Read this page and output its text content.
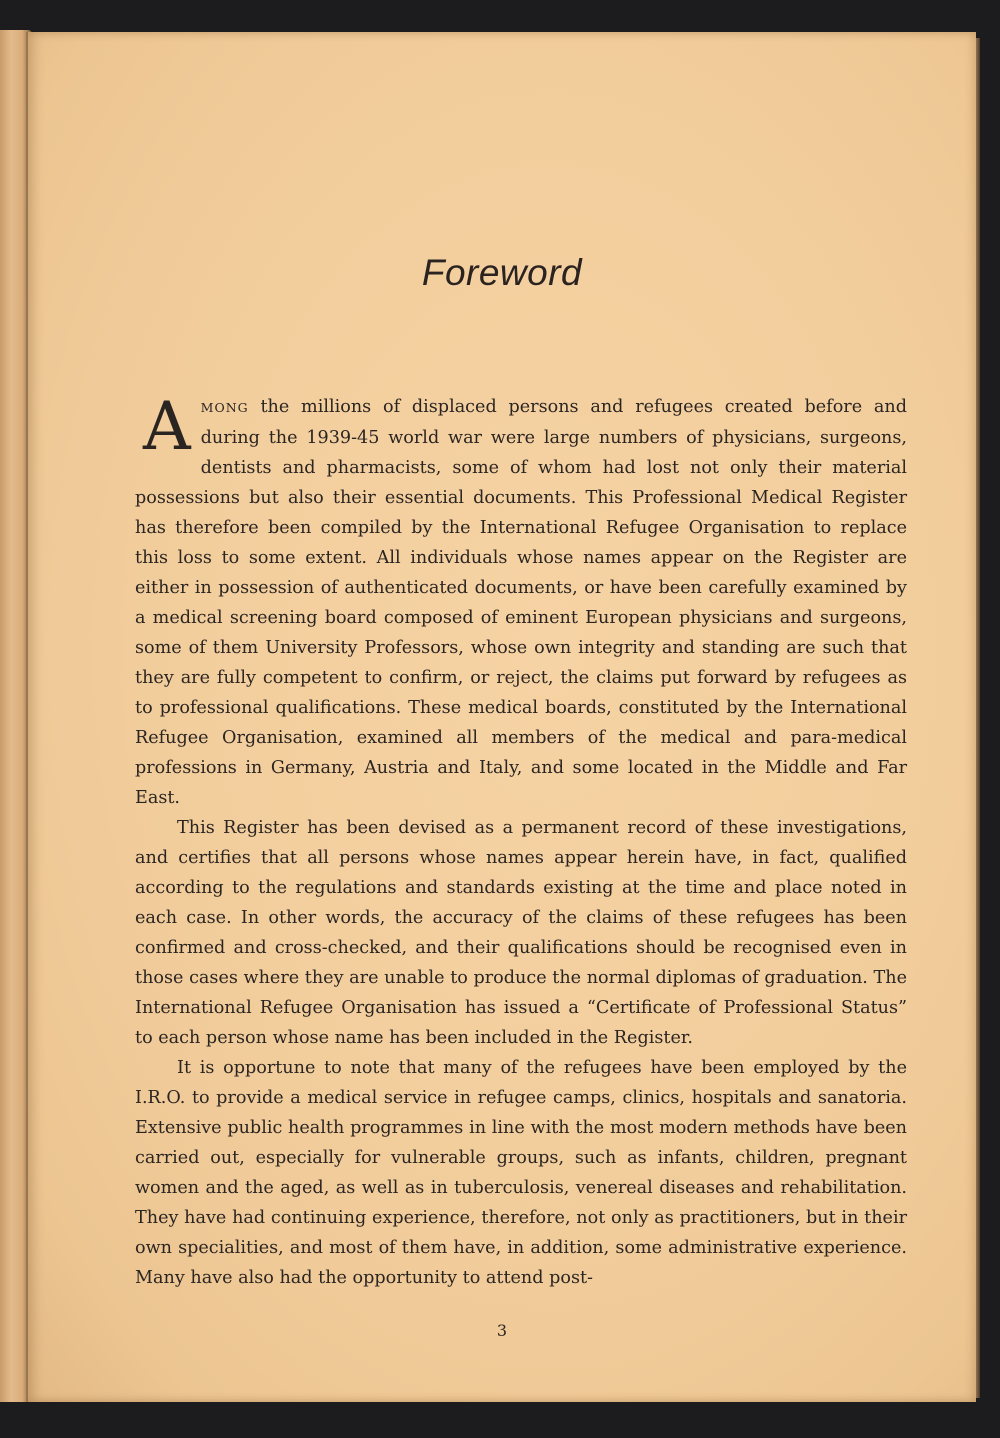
Foreword

AMONG the millions of displaced persons and refugees created before and during the 1939-45 world war were large numbers of physicians, surgeons, dentists and pharmacists, some of whom had lost not only their material possessions but also their essential documents. This Professional Medical Register has therefore been compiled by the International Refugee Organisation to replace this loss to some extent. All individuals whose names appear on the Register are either in possession of authenticated documents, or have been carefully examined by a medical screening board composed of eminent European physicians and surgeons, some of them University Professors, whose own integrity and standing are such that they are fully competent to confirm, or reject, the claims put forward by refugees as to professional qualifications. These medical boards, constituted by the International Refugee Organisation, examined all members of the medical and para-medical professions in Germany, Austria and Italy, and some located in the Middle and Far East.

This Register has been devised as a permanent record of these investigations, and certifies that all persons whose names appear herein have, in fact, qualified according to the regulations and standards existing at the time and place noted in each case. In other words, the accuracy of the claims of these refugees has been confirmed and cross-checked, and their qualifications should be recognised even in those cases where they are unable to produce the normal diplomas of graduation. The International Refugee Organisation has issued a “Certificate of Professional Status” to each person whose name has been included in the Register.

It is opportune to note that many of the refugees have been employed by the I.R.O. to provide a medical service in refugee camps, clinics, hospitals and sanatoria. Extensive public health programmes in line with the most modern methods have been carried out, especially for vulnerable groups, such as infants, children, pregnant women and the aged, as well as in tuberculosis, venereal diseases and rehabilitation. They have had continuing experience, therefore, not only as practitioners, but in their own specialities, and most of them have, in addition, some administrative experience. Many have also had the opportunity to attend post-

3
